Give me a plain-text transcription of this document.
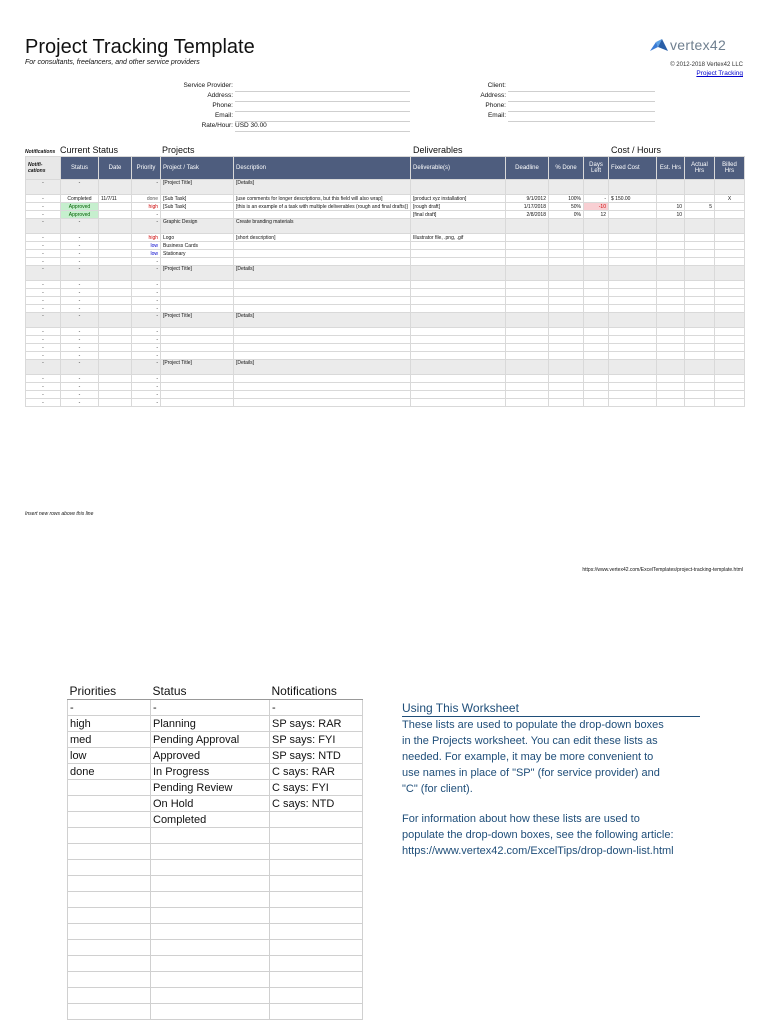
Project Tracking Template
For consultants, freelancers, and other service providers
vertex42
© 2012-2018 Vertex42 LLC
Project Tracking
Service Provider:
Address:
Phone:
Email:
Rate/Hour: USD 30.00
Client:
Address:
Phone:
Email:
Notifications Current Status	Projects	Deliverables	Cost / Hours
Notifi-cations	Status	Date	Priority	Project / Task	Description	Deliverable(s)	Deadline	% Done	Days Left	Fixed Cost	Est. Hrs	Actual Hrs	Billed Hrs
-	-		-	[Project Title]	[Details]								
-	Completed	11/7/11	done	[Sub Task]	[use comments for longer descriptions, but this field will also wrap]	[product xyz installation]	9/1/2012	100%	-	$ 150.00			X
-	Approved		high	[Sub Task]	[this is an example of a task with multiple deliverables (rough and final drafts)]	[rough draft]	1/17/2018	50%	-10		10	5	
-	Approved		-			[final draft]	2/8/2018	0%	12		10		
-	-		-	Graphic Design	Create branding materials								
-	-		high	Logo	[short description]	Illustrator file, .png, .gif							
-	-		low	Business Cards									
-	-		low	Stationary									
-	-		-										
-	-		-	[Project Title]	[Details]								
-	-		-										
-	-		-										
-	-		-										
-	-		-										
-	-		-	[Project Title]	[Details]								
-	-		-										
-	-		-										
-	-		-										
-	-		-										
-	-		-	[Project Title]	[Details]								
-	-		-										
-	-		-										
-	-		-										
-	-		-										
Insert new rows above this line
https://www.vertex42.com/ExcelTemplates/project-tracking-template.html
Priorities	Status	Notifications
-	-	-
high	Planning	SP says: RAR
med	Pending Approval	SP says: FYI
low	Approved	SP says: NTD
done	In Progress	C says: RAR
	Pending Review	C says: FYI
	On Hold	C says: NTD
	Completed	

Using This Worksheet

These lists are used to populate the drop-down boxes
in the Projects worksheet. You can edit these lists as
needed. For example, it may be more convenient to
use names in place of "SP" (for service provider) and
"C" (for client).

For information about how these lists are used to
populate the drop-down boxes, see the following article:
https://www.vertex42.com/ExcelTips/drop-down-list.html
